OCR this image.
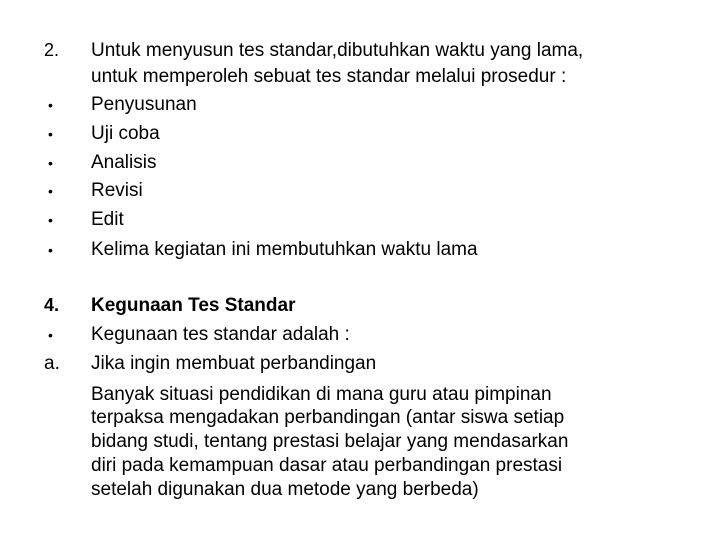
2. Untuk menyusun tes standar,dibutuhkan waktu yang lama,
untuk memperoleh sebuat tes standar melalui prosedur :
• Penyusunan
• Uji coba
• Analisis
• Revisi
• Edit
• Kelima kegiatan ini membutuhkan waktu lama
4. Kegunaan Tes Standar
• Kegunaan tes standar adalah :
a. Jika ingin membuat perbandingan
Banyak situasi pendidikan di mana guru atau pimpinan
terpaksa mengadakan perbandingan (antar siswa setiap
bidang studi, tentang prestasi belajar yang mendasarkan
diri pada kemampuan dasar atau perbandingan prestasi
setelah digunakan dua metode yang berbeda)
